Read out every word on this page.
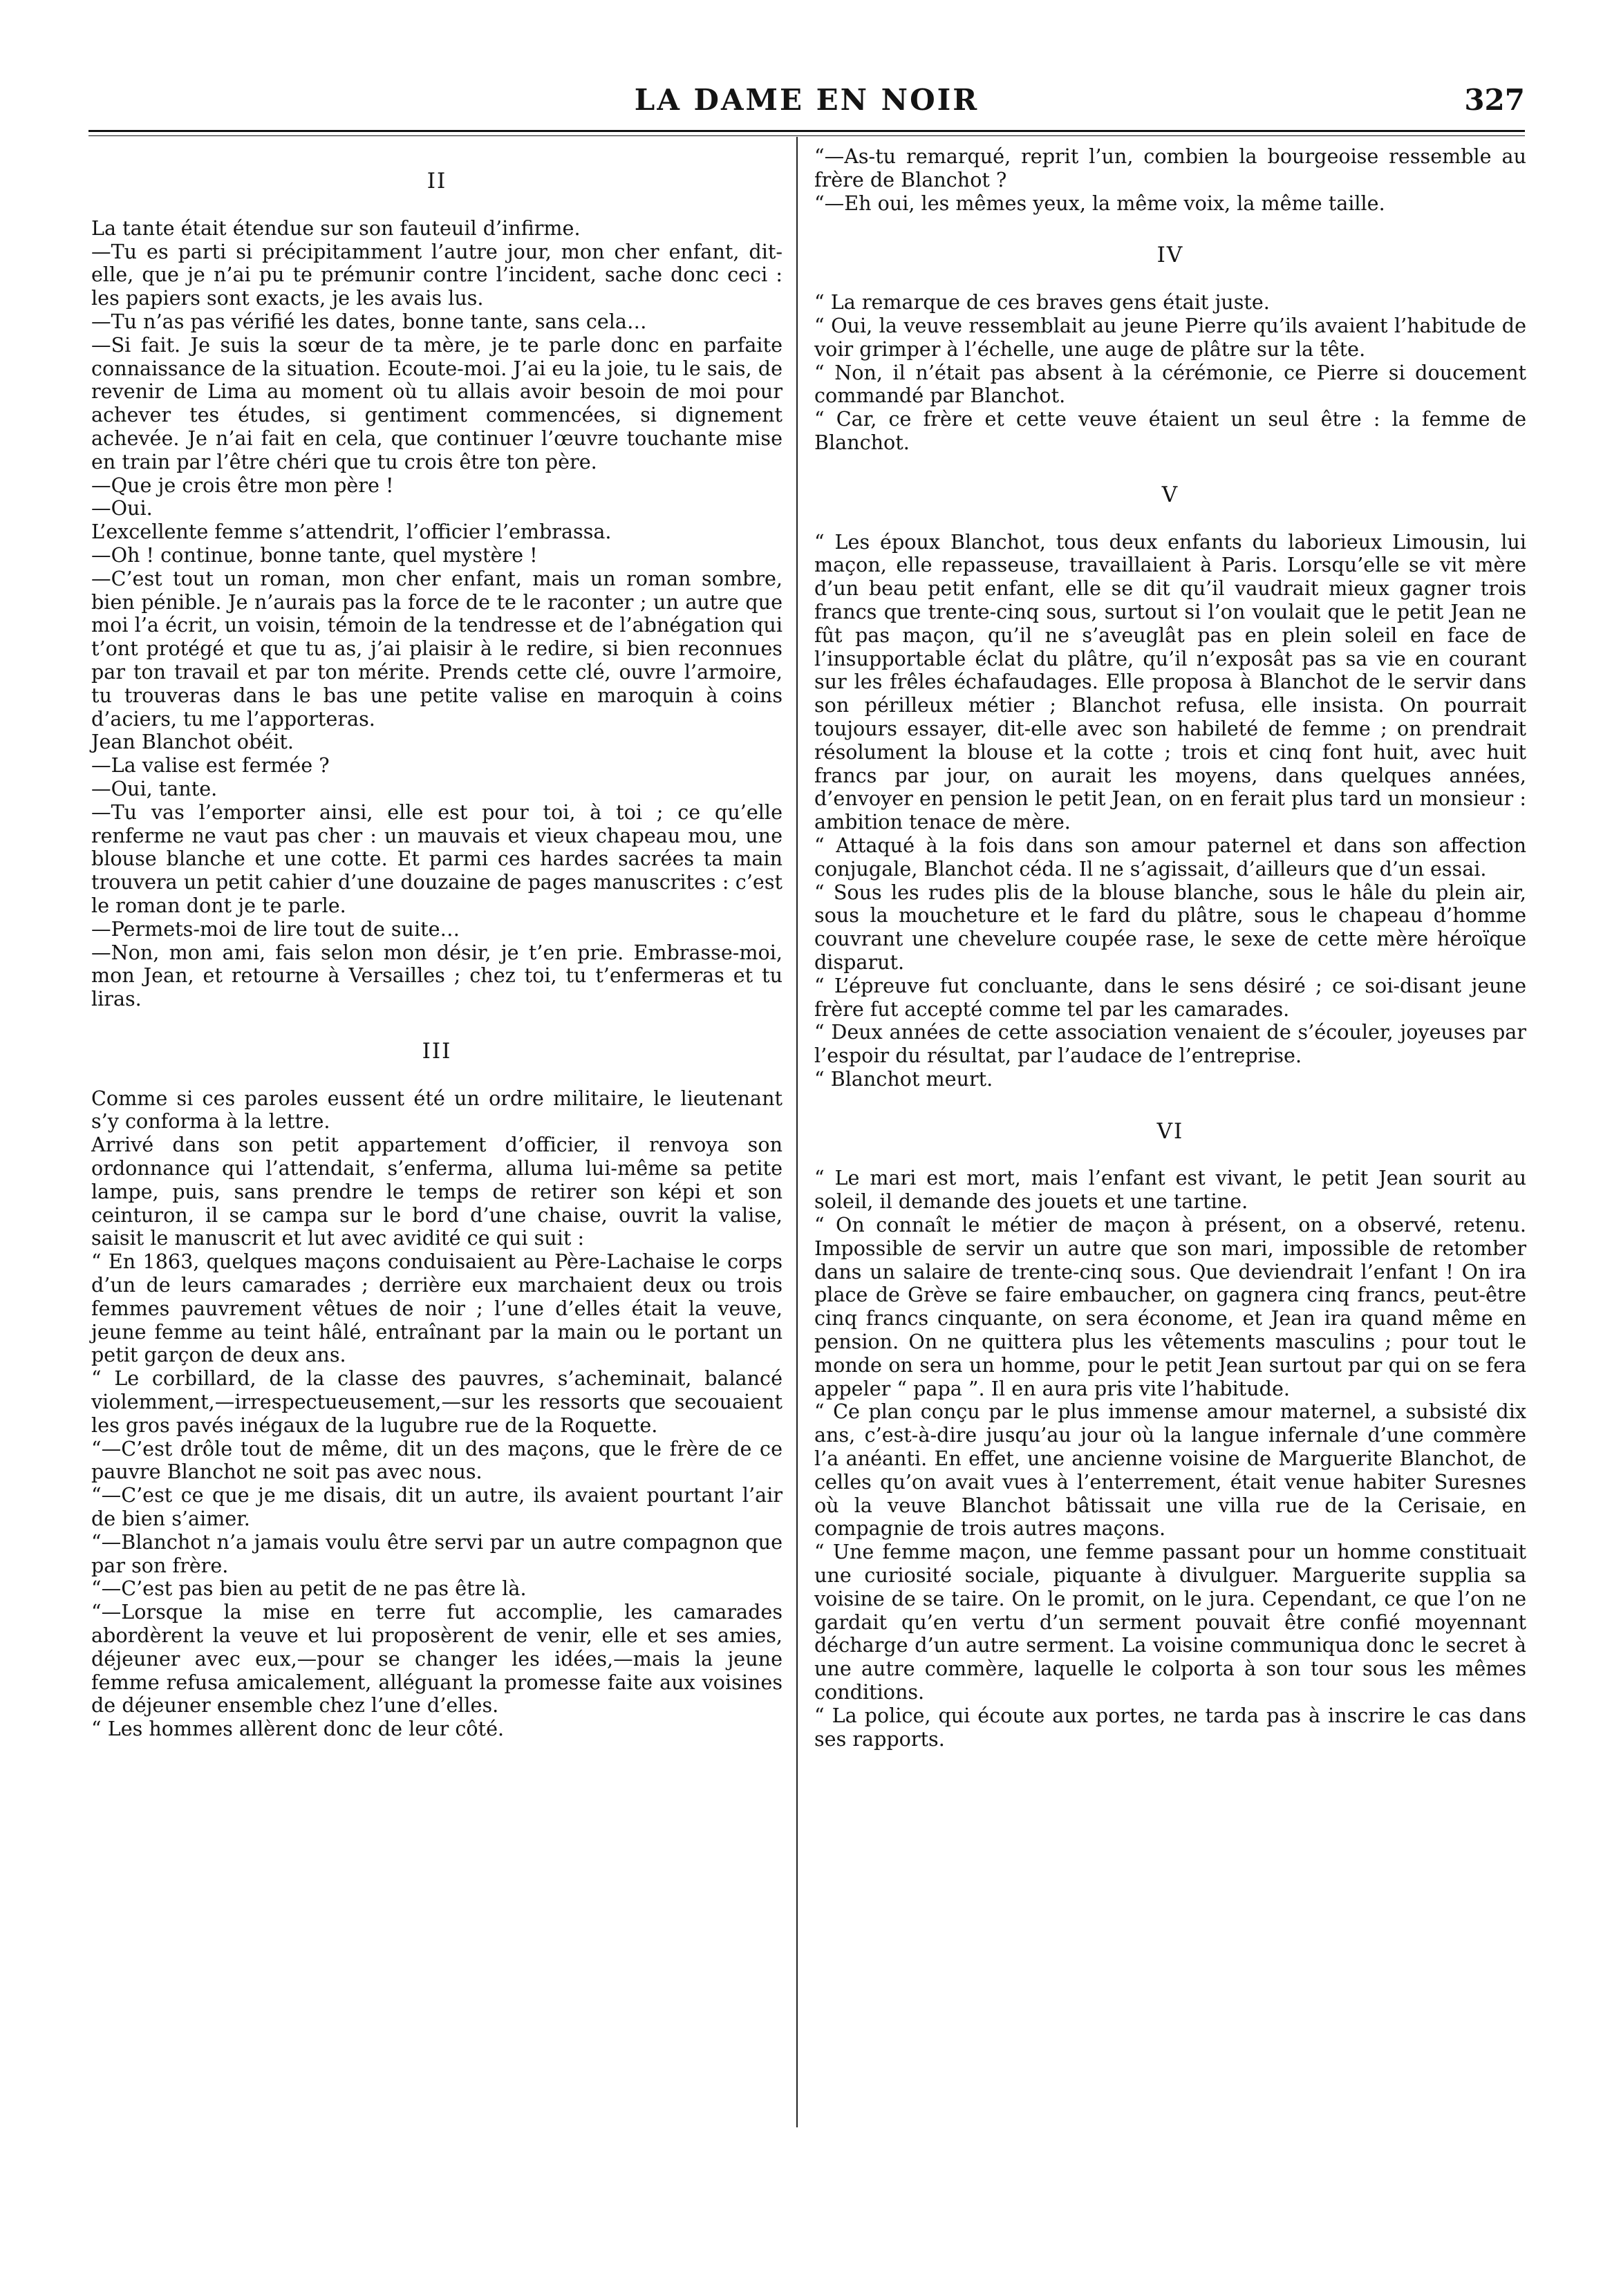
LA DAME EN NOIR	327
II

La tante était étendue sur son fauteuil d’infirme.

—Tu es parti si précipitamment l’autre jour, mon cher enfant, dit-elle, que je n’ai pu te prémunir contre l’incident, sache donc ceci : les papiers sont exacts, je les avais lus.

—Tu n’as pas vérifié les dates, bonne tante, sans cela…

—Si fait. Je suis la sœur de ta mère, je te parle donc en parfaite connaissance de la situation. Ecoute-moi. J’ai eu la joie, tu le sais, de revenir de Lima au moment où tu allais avoir besoin de moi pour achever tes études, si gentiment commencées, si dignement achevée. Je n’ai fait en cela, que continuer l’œuvre touchante mise en train par l’être chéri que tu crois être ton père.

—Que je crois être mon père !

—Oui.

L’excellente femme s’attendrit, l’officier l’embrassa.

—Oh ! continue, bonne tante, quel mystère !

—C’est tout un roman, mon cher enfant, mais un roman sombre, bien pénible. Je n’aurais pas la force de te le raconter ; un autre que moi l’a écrit, un voisin, témoin de la tendresse et de l’abnégation qui t’ont protégé et que tu as, j’ai plaisir à le redire, si bien reconnues par ton travail et par ton mérite. Prends cette clé, ouvre l’armoire, tu trouveras dans le bas une petite valise en maroquin à coins d’aciers, tu me l’apporteras.

Jean Blanchot obéit.

—La valise est fermée ?

—Oui, tante.

—Tu vas l’emporter ainsi, elle est pour toi, à toi ; ce qu’elle renferme ne vaut pas cher : un mauvais et vieux chapeau mou, une blouse blanche et une cotte. Et parmi ces hardes sacrées ta main trouvera un petit cahier d’une douzaine de pages manuscrites : c’est le roman dont je te parle.

—Permets-moi de lire tout de suite…

—Non, mon ami, fais selon mon désir, je t’en prie. Embrasse-moi, mon Jean, et retourne à Versailles ; chez toi, tu t’enfermeras et tu liras.

III

Comme si ces paroles eussent été un ordre militaire, le lieutenant s’y conforma à la lettre.

Arrivé dans son petit appartement d’officier, il renvoya son ordonnance qui l’attendait, s’enferma, alluma lui-même sa petite lampe, puis, sans prendre le temps de retirer son képi et son ceinturon, il se campa sur le bord d’une chaise, ouvrit la valise, saisit le manuscrit et lut avec avidité ce qui suit :

“ En 1863, quelques maçons conduisaient au Père-Lachaise le corps d’un de leurs camarades ; derrière eux marchaient deux ou trois femmes pauvrement vêtues de noir ; l’une d’elles était la veuve, jeune femme au teint hâlé, entraînant par la main ou le portant un petit garçon de deux ans.

“ Le corbillard, de la classe des pauvres, s’acheminait, balancé violemment,—irrespectueusement,—sur les ressorts que secouaient les gros pavés inégaux de la lugubre rue de la Roquette.

“—C’est drôle tout de même, dit un des maçons, que le frère de ce pauvre Blanchot ne soit pas avec nous.

“—C’est ce que je me disais, dit un autre, ils avaient pourtant l’air de bien s’aimer.

“—Blanchot n’a jamais voulu être servi par un autre compagnon que par son frère.

“—C’est pas bien au petit de ne pas être là.

“—Lorsque la mise en terre fut accomplie, les camarades abordèrent la veuve et lui proposèrent de venir, elle et ses amies, déjeuner avec eux,—pour se changer les idées,—mais la jeune femme refusa amicalement, alléguant la promesse faite aux voisines de déjeuner ensemble chez l’une d’elles.

“ Les hommes allèrent donc de leur côté.

“—As-tu remarqué, reprit l’un, combien la bourgeoise ressemble au frère de Blanchot ?

“—Eh oui, les mêmes yeux, la même voix, la même taille.

IV

“ La remarque de ces braves gens était juste.

“ Oui, la veuve ressemblait au jeune Pierre qu’ils avaient l’habitude de voir grimper à l’échelle, une auge de plâtre sur la tête.

“ Non, il n’était pas absent à la cérémonie, ce Pierre si doucement commandé par Blanchot.

“ Car, ce frère et cette veuve étaient un seul être : la femme de Blanchot.

V

“ Les époux Blanchot, tous deux enfants du laborieux Limousin, lui maçon, elle repasseuse, travaillaient à Paris. Lorsqu’elle se vit mère d’un beau petit enfant, elle se dit qu’il vaudrait mieux gagner trois francs que trente-cinq sous, surtout si l’on voulait que le petit Jean ne fût pas maçon, qu’il ne s’aveuglât pas en plein soleil en face de l’insupportable éclat du plâtre, qu’il n’exposât pas sa vie en courant sur les frêles échafaudages. Elle proposa à Blanchot de le servir dans son périlleux métier ; Blanchot refusa, elle insista. On pourrait toujours essayer, dit-elle avec son habileté de femme ; on prendrait résolument la blouse et la cotte ; trois et cinq font huit, avec huit francs par jour, on aurait les moyens, dans quelques années, d’envoyer en pension le petit Jean, on en ferait plus tard un monsieur : ambition tenace de mère.

“ Attaqué à la fois dans son amour paternel et dans son affection conjugale, Blanchot céda. Il ne s’agissait, d’ailleurs que d’un essai.

“ Sous les rudes plis de la blouse blanche, sous le hâle du plein air, sous la moucheture et le fard du plâtre, sous le chapeau d’homme couvrant une chevelure coupée rase, le sexe de cette mère héroïque disparut.

“ L’épreuve fut concluante, dans le sens désiré ; ce soi-disant jeune frère fut accepté comme tel par les camarades.

“ Deux années de cette association venaient de s’écouler, joyeuses par l’espoir du résultat, par l’audace de l’entreprise.

“ Blanchot meurt.

VI

“ Le mari est mort, mais l’enfant est vivant, le petit Jean sourit au soleil, il demande des jouets et une tartine.

“ On connaît le métier de maçon à présent, on a observé, retenu. Impossible de servir un autre que son mari, impossible de retomber dans un salaire de trente-cinq sous. Que deviendrait l’enfant ! On ira place de Grève se faire embaucher, on gagnera cinq francs, peut-être cinq francs cinquante, on sera économe, et Jean ira quand même en pension. On ne quittera plus les vêtements masculins ; pour tout le monde on sera un homme, pour le petit Jean surtout par qui on se fera appeler “ papa ”. Il en aura pris vite l’habitude.

“ Ce plan conçu par le plus immense amour maternel, a subsisté dix ans, c’est-à-dire jusqu’au jour où la langue infernale d’une commère l’a anéanti. En effet, une ancienne voisine de Marguerite Blanchot, de celles qu’on avait vues à l’enterrement, était venue habiter Suresnes où la veuve Blanchot bâtissait une villa rue de la Cerisaie, en compagnie de trois autres maçons.

“ Une femme maçon, une femme passant pour un homme constituait une curiosité sociale, piquante à divulguer. Marguerite supplia sa voisine de se taire. On le promit, on le jura. Cependant, ce que l’on ne gardait qu’en vertu d’un serment pouvait être confié moyennant décharge d’un autre serment. La voisine communiqua donc le secret à une autre commère, laquelle le colporta à son tour sous les mêmes conditions.

“ La police, qui écoute aux portes, ne tarda pas à inscrire le cas dans ses rapports.
